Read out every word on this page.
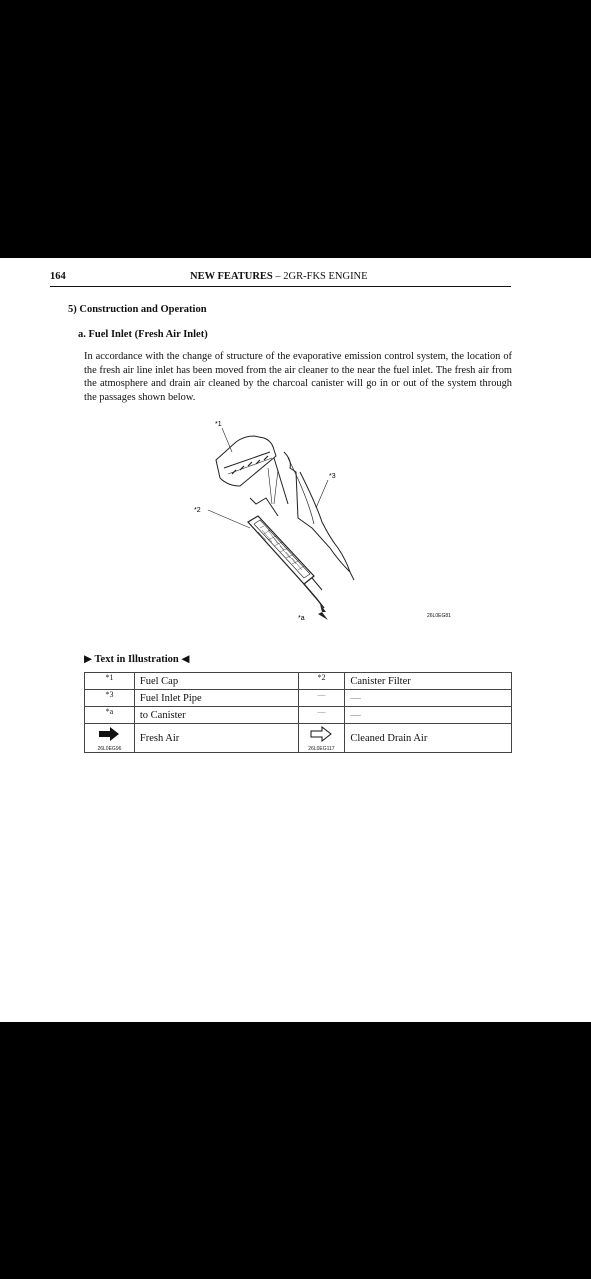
164	NEW FEATURES – 2GR-FKS ENGINE
5) Construction and Operation
a. Fuel Inlet (Fresh Air Inlet)
In accordance with the change of structure of the evaporative emission control system, the location of the fresh air line inlet has been moved from the air cleaner to the near the fuel inlet. The fresh air from the atmosphere and drain air cleaned by the charcoal canister will go in or out of the system through the passages shown below.
*1
*2
*3
*a	26L0EG81
▶ Text in Illustration ◀
*1	Fuel Cap	*2	Canister Filter
*3	Fuel Inlet Pipe	—	—
*a	to Canister	—	—

26L0EG96	Fresh Air	26L0EG117	Cleaned Drain Air
